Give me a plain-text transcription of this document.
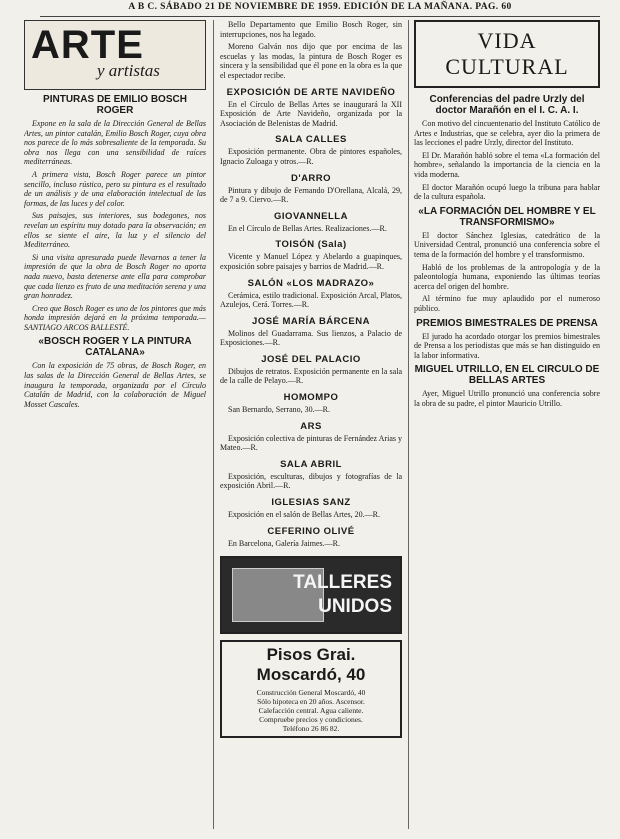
A B C. SÁBADO 21 DE NOVIEMBRE DE 1959. EDICIÓN DE LA MAÑANA. PAG. 60
ARTE
y artistas
PINTURAS DE EMILIO BOSCH ROGER

Expone en la sala de la Dirección General de Bellas Artes, un pintor catalán, Emilio Bosch Roger, cuya obra nos parece de lo más sobresaliente de la temporada. Su obra nos llega con una sensibilidad de raíces mediterráneas.

A primera vista, Bosch Roger parece un pintor sencillo, incluso rústico, pero su pintura es el resultado de un análisis y de una elaboración intelectual de las formas, de las luces y del color.

Sus paisajes, sus interiores, sus bodegones, nos revelan un espíritu muy dotado para la observación; en ellos se siente el aire, la luz y el silencio del Mediterráneo.

Si una visita apresurada puede llevarnos a tener la impresión de que la obra de Bosch Roger no aporta nada nuevo, basta detenerse ante ella para comprobar que cada lienzo es fruto de una meditación serena y una gran honradez.

Creo que Bosch Roger es uno de los pintores que más honda impresión dejará en la próxima temporada.—SANTIAGO ARCOS BALLESTÉ.

«BOSCH ROGER Y LA PINTURA CATALANA»

Con la exposición de 75 obras, de Bosch Roger, en las salas de la Dirección General de Bellas Artes, se inaugura la temporada, organizada por el Círculo Catalán de Madrid, con la colaboración de Miguel Mosset Cascales.

Bello Departamento que Emilio Bosch Roger, sin interrupciones, nos ha legado.

Moreno Galván nos dijo que por encima de las escuelas y las modas, la pintura de Bosch Roger es sincera y la sensibilidad que él pone en la obra es la que el espectador recibe.

EXPOSICIÓN DE ARTE NAVIDEÑO

En el Círculo de Bellas Artes se inaugurará la XII Exposición de Arte Navideño, organizada por la Asociación de Belenistas de Madrid.

SALA CALLES

Exposición permanente. Obra de pintores españoles, Ignacio Zuloaga y otros.—R.

D'ARRO

Pintura y dibujo de Fernando D'Orellana, Alcalá, 29, de 7 a 9. Ciervo.—R.

GIOVANNELLA

En el Círculo de Bellas Artes. Realizaciones.—R.

TOISÓN (Sala)

Vicente y Manuel López y Abelardo a guapinques, exposición sobre paisajes y barrios de Madrid.—R.

SALÓN «LOS MADRAZO»

Cerámica, estilo tradicional. Exposición Arcal, Platos, Azulejos, Cerá. Torres.—R.

JOSÉ MARÍA BÁRCENA

Molinos del Guadarrama. Sus lienzos, a Palacio de Exposiciones.—R.

JOSÉ DEL PALACIO

Dibujos de retratos. Exposición permanente en la sala de la calle de Pelayo.—R.

HOMOMPO

San Bernardo, Serrano, 30.—R.

ARS

Exposición colectiva de pinturas de Fernández Arias y Mateo.—R.

SALA ABRIL

Exposición, esculturas, dibujos y fotografías de la exposición Abril.—R.

IGLESIAS SANZ

Exposición en el salón de Bellas Artes, 20.—R.

CEFERINO OLIVÉ

En Barcelona, Galería Jaimes.—R.

TALLERES
UNIDOS
Pisos Grai. Moscardó, 40
Construcción General Moscardó, 40
Sólo hipoteca en 20 años. Ascensor.
Calefacción central. Agua caliente.
Compruebe precios y condiciones.
Teléfono 26 86 82.
VIDA CULTURAL
Conferencias del padre Urzly del doctor Marañón en el I. C. A. I.

Con motivo del cincuentenario del Instituto Católico de Artes e Industrias, que se celebra, ayer dio la primera de las lecciones el padre Urzly, director del Instituto.

El Dr. Marañón habló sobre el tema «La formación del hombre», señalando la importancia de la ciencia en la vida moderna.

El doctor Marañón ocupó luego la tribuna para hablar de la cultura española.

«LA FORMACIÓN DEL HOMBRE Y EL TRANSFORMISMO»

El doctor Sánchez Iglesias, catedrático de la Universidad Central, pronunció una conferencia sobre el tema de la formación del hombre y el transformismo.

Habló de los problemas de la antropología y de la paleontología humana, exponiendo las últimas teorías acerca del origen del hombre.

Al término fue muy aplaudido por el numeroso público.

PREMIOS BIMESTRALES DE PRENSA

El jurado ha acordado otorgar los premios bimestrales de Prensa a los periodistas que más se han distinguido en la labor informativa.

MIGUEL UTRILLO, EN EL CIRCULO DE BELLAS ARTES

Ayer, Miguel Utrillo pronunció una conferencia sobre la obra de su padre, el pintor Mauricio Utrillo.
